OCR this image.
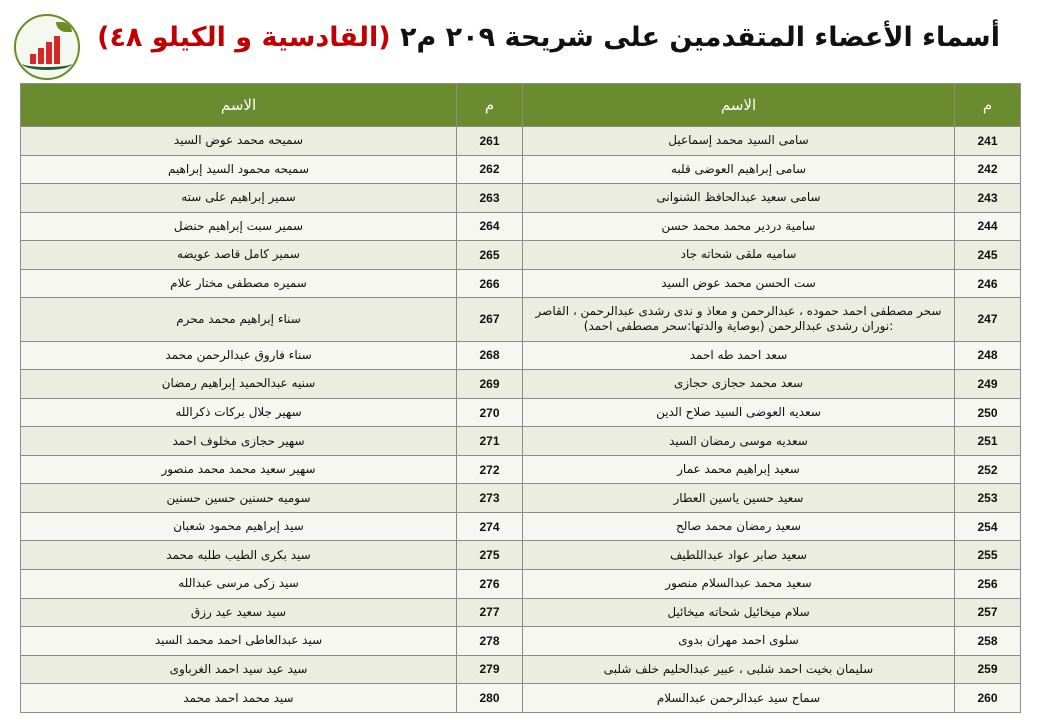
أسماء الأعضاء المتقدمين على شريحة ٢٠٩ م٢ (القادسية و الكيلو ٤٨)
م	الاسم	م	الاسم
241	سامى السيد محمد إسماعيل	261	سميحه محمد عوض السيد
242	سامى إبراهيم العوضى قلبه	262	سميحه محمود السيد إبراهيم
243	سامى سعيد عبدالحافظ الشنوانى	263	سمير إبراهيم على سته
244	سامية دردير محمد محمد حسن	264	سمير سبت إبراهيم حنضل
245	ساميه ملقى شحاته جاد	265	سمير كامل قاصد عويضه
246	ست الحسن محمد عوض السيد	266	سميره مصطفى مختار علام
247	سحر مصطفى احمد حموده ، عبدالرحمن و معاذ و ندى رشدى عبدالرحمن ، القاصر :نوران رشدى عبدالرحمن (بوصاية والدتها:سحر مصطفى احمد)	267	سناء إبراهيم محمد محرم
248	سعد احمد طه احمد	268	سناء فاروق عبدالرحمن محمد
249	سعد محمد حجازى حجازى	269	سنيه عبدالحميد إبراهيم رمضان
250	سعديه العوضى السيد صلاح الدين	270	سهير جلال بركات ذكرالله
251	سعديه موسى رمضان السيد	271	سهير حجازى مخلوف احمد
252	سعيد إبراهيم محمد عمار	272	سهير سعيد محمد محمد منصور
253	سعيد حسين ياسين العطار	273	سوميه حسنين حسين حسنين
254	سعيد رمضان محمد صالح	274	سيد إبراهيم محمود شعبان
255	سعيد صابر عواد عبداللطيف	275	سيد بكرى الطيب طلبه محمد
256	سعيد محمد عبدالسلام منصور	276	سيد زكى مرسى عبدالله
257	سلام ميخائيل شحاته ميخائيل	277	سيد سعيد عيد رزق
258	سلوى احمد مهران بدوى	278	سيد عبدالعاطى احمد محمد السيد
259	سليمان بخيت احمد شلبى ، عبير عبدالحليم خلف شلبى	279	سيد عيد سيد احمد الغرباوى
260	سماح سيد عبدالرحمن عبدالسلام	280	سيد محمد احمد محمد
